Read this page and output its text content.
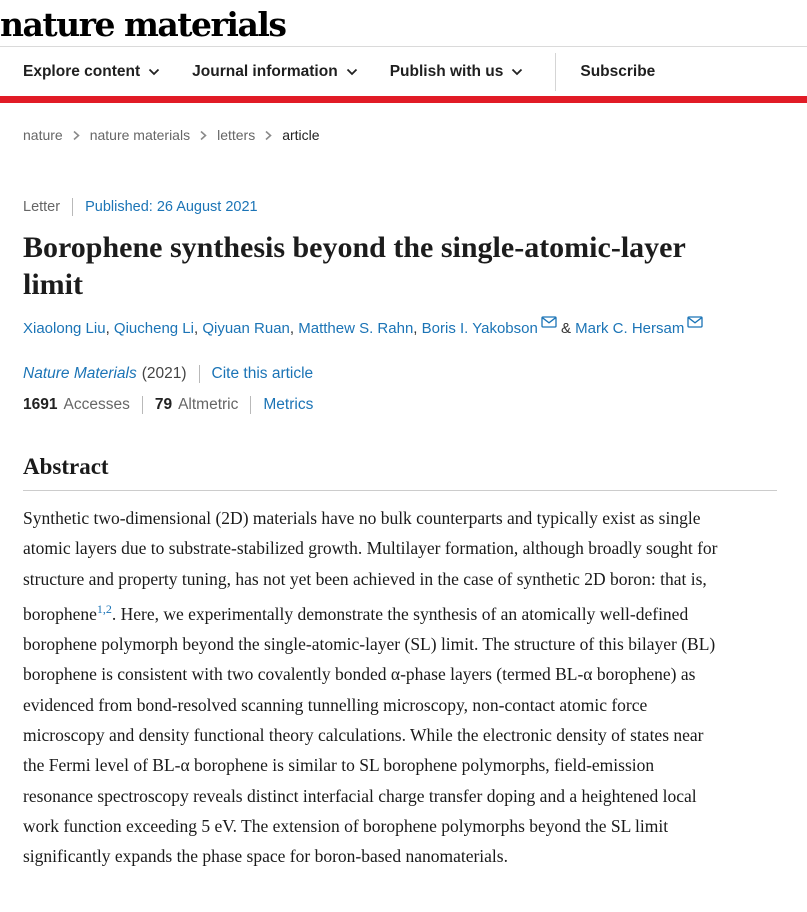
nature materials
Explore content	Journal information	Publish with us	Subscribe
nature nature materials letters article
Letter Published: 26 August 2021
Borophene synthesis beyond the single-atomic-layer limit

Xiaolong Liu, Qiucheng Li, Qiyuan Ruan, Matthew S. Rahn, Boris I. Yakobson & Mark C. Hersam

Nature Materials (2021) Cite this article
1691 Accesses 79 Altmetric Metrics
Abstract

Synthetic two-dimensional (2D) materials have no bulk counterparts and typically exist as single atomic layers due to substrate-stabilized growth. Multilayer formation, although broadly sought for structure and property tuning, has not yet been achieved in the case of synthetic 2D boron: that is, borophene$^{1,2}$. Here, we experimentally demonstrate the synthesis of an atomically well-defined borophene polymorph beyond the single-atomic-layer (SL) limit. The structure of this bilayer (BL) borophene is consistent with two covalently bonded α-phase layers (termed BL-α borophene) as evidenced from bond-resolved scanning tunnelling microscopy, non-contact atomic force microscopy and density functional theory calculations. While the electronic density of states near the Fermi level of BL-α borophene is similar to SL borophene polymorphs, field-emission resonance spectroscopy reveals distinct interfacial charge transfer doping and a heightened local work function exceeding 5 eV. The extension of borophene polymorphs beyond the SL limit significantly expands the phase space for boron-based nanomaterials.
